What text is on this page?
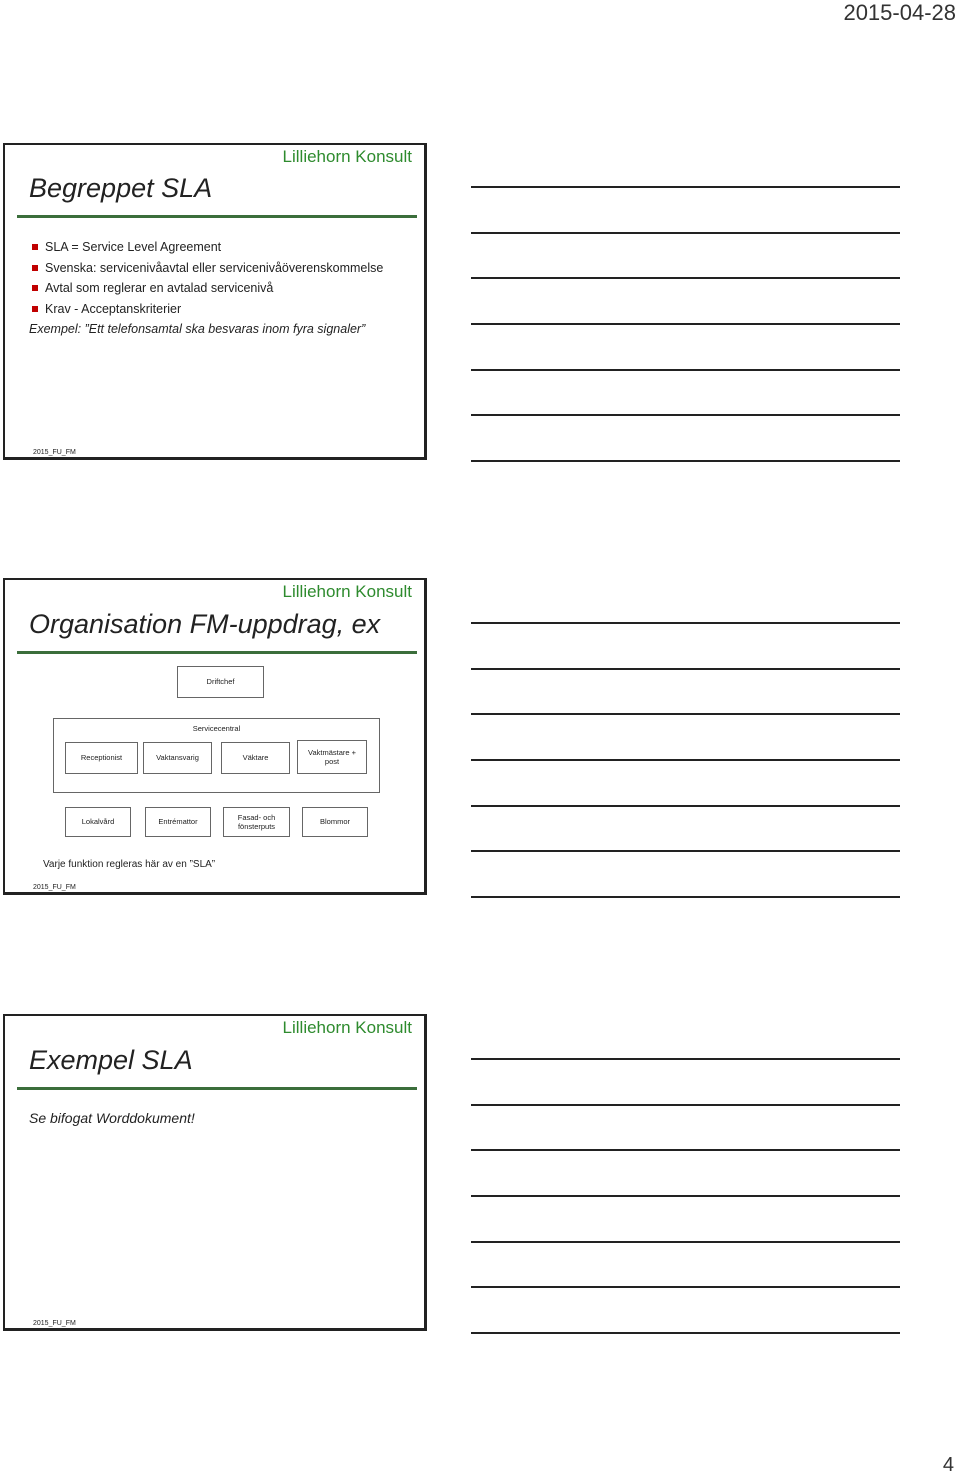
2015-04-28
Lilliehorn Konsult
Begreppet SLA
SLA = Service Level Agreement
Svenska: servicenivåavtal eller servicenivåöverenskommelse
Avtal som reglerar en avtalad servicenivå
Krav - Acceptanskriterier
Exempel: ”Ett telefonsamtal ska besvaras inom fyra signaler”
2015_FU_FM
Lilliehorn Konsult
Organisation FM-uppdrag, ex
Driftchef
Servicecentral
Receptionist	Vaktansvarig	Väktare
Vaktmästare + post
Lokalvård	Entrémattor
Fasad- och fönsterputs
Blommor
Varje funktion regleras här av en ”SLA”
2015_FU_FM
Lilliehorn Konsult
Exempel SLA
Se bifogat Worddokument!
2015_FU_FM
4
